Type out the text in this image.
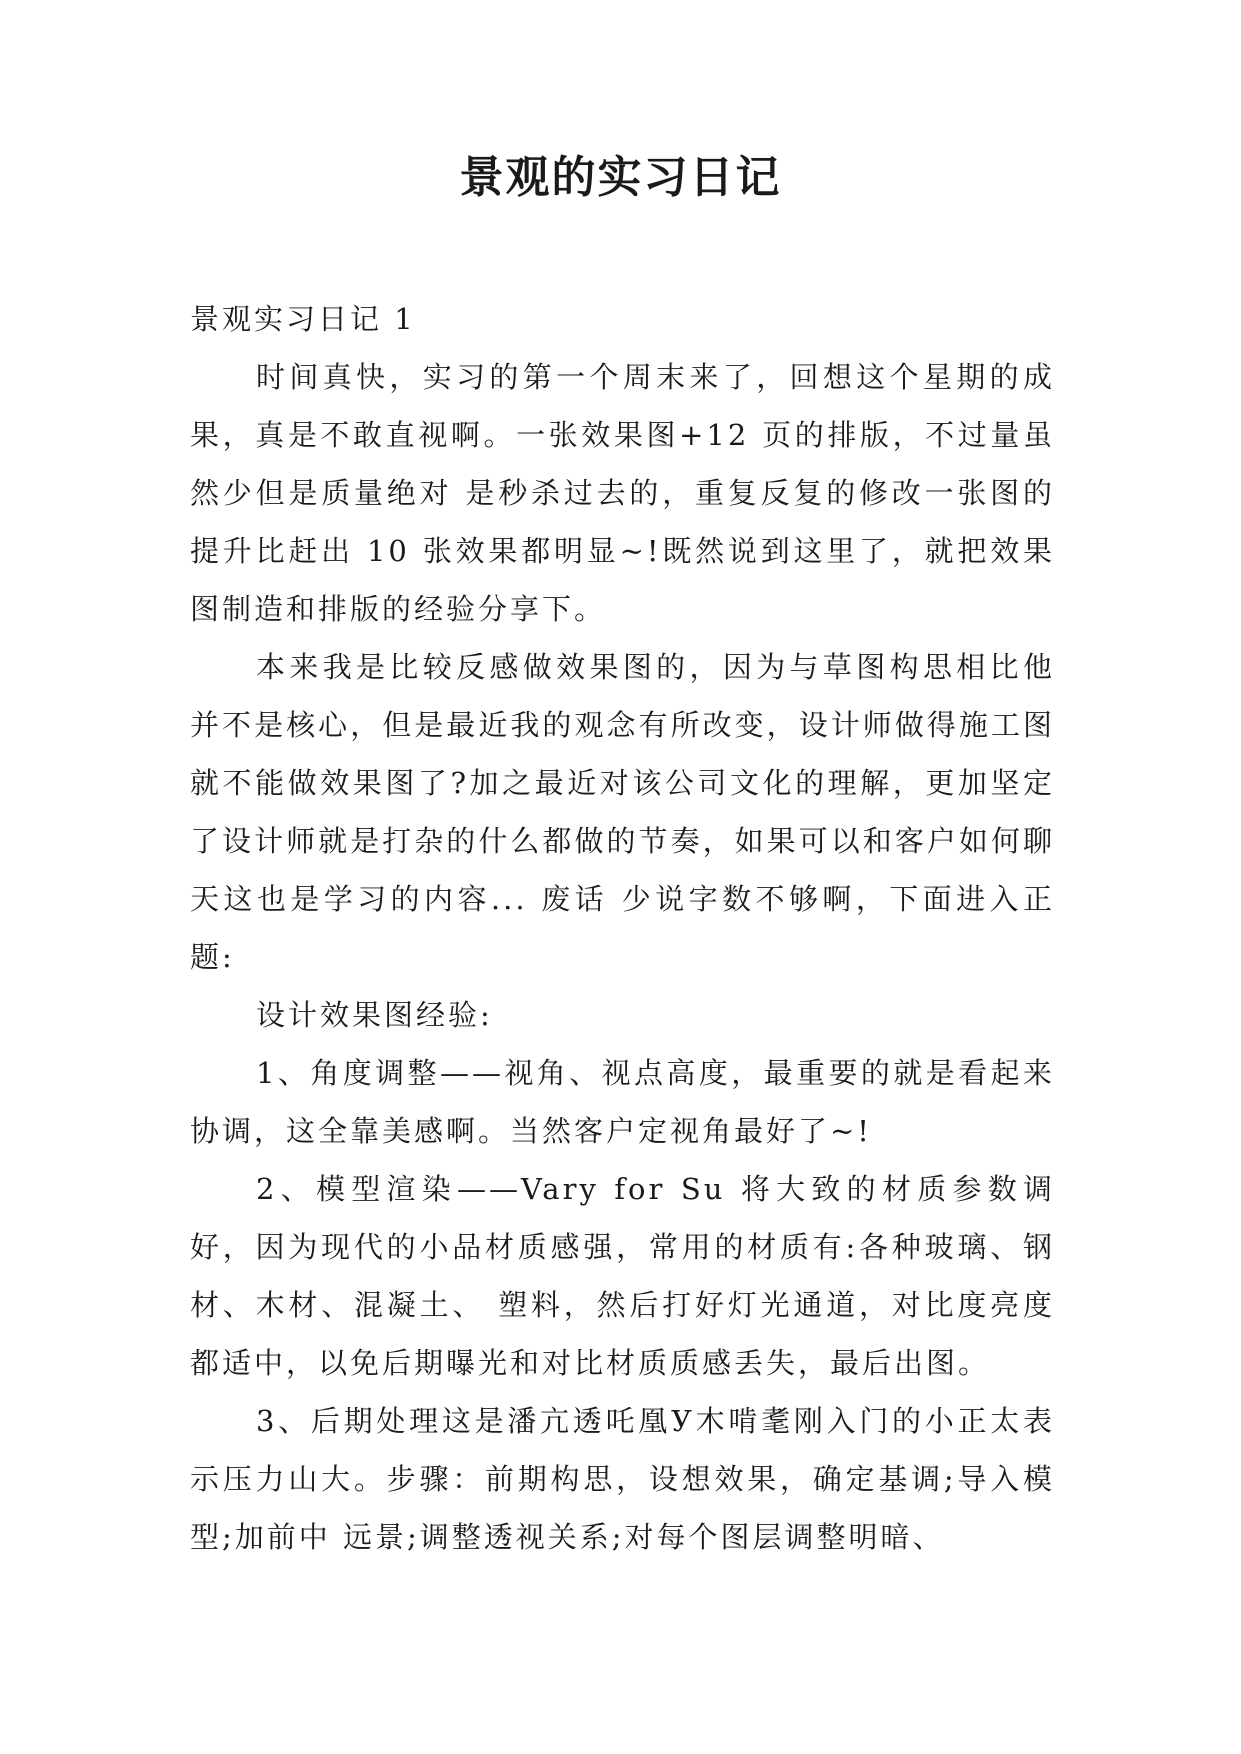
景观的实习日记

景观实习日记 1

时间真快，实习的第一个周末来了，回想这个星期的成果，真是不敢直视啊。一张效果图+12 页的排版，不过量虽然少但是质量绝对 是秒杀过去的，重复反复的修改一张图的提升比赶出 10 张效果都明显~!既然说到这里了，就把效果图制造和排版的经验分享下。

本来我是比较反感做效果图的，因为与草图构思相比他并不是核心，但是最近我的观念有所改变，设计师做得施工图就不能做效果图了?加之最近对该公司文化的理解，更加坚定了设计师就是打杂的什么都做的节奏，如果可以和客户如何聊天这也是学习的内容... 废话 少说字数不够啊，下面进入正题:

设计效果图经验:

1、角度调整——视角、视点高度，最重要的就是看起来协调，这全靠美感啊。当然客户定视角最好了~!

2、模型渲染——Vary for Su 将大致的材质参数调好，因为现代的小品材质感强，常用的材质有:各种玻璃、钢材、木材、混凝土、 塑料，然后打好灯光通道，对比度亮度都适中，以免后期曝光和对比材质质感丢失，最后出图。

3、后期处理这是潘亢透吒凰У木啃耄刚入门的小正太表示压力山大。步骤：前期构思，设想效果，确定基调;导入模型;加前中 远景;调整透视关系;对每个图层调整明暗、
